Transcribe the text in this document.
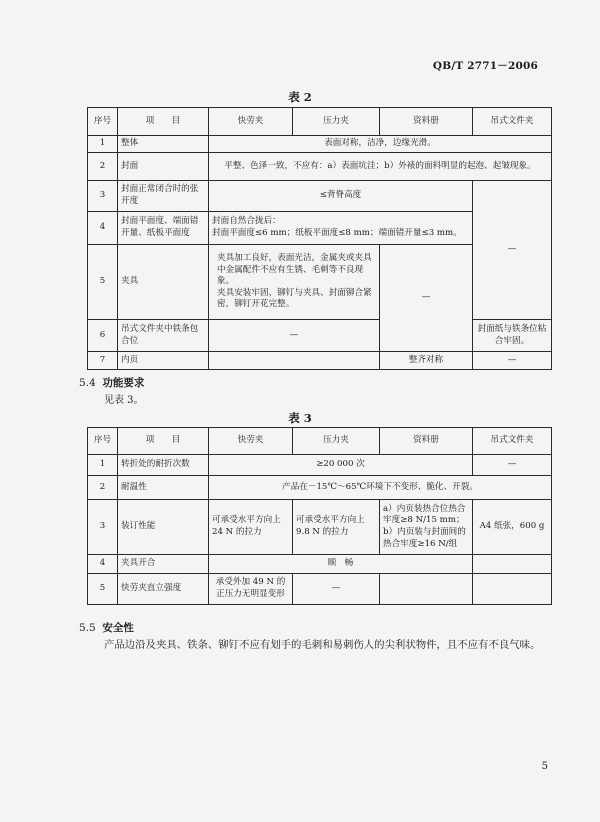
QB/T 2771－2006
表 2
序号	项　　目	快劳夹	压力夹	资料册	吊式文件夹
1	整体	表面对称，洁净，边缘光滑。			
2	封面	平整、色泽一致，不应有：a）表面坑洼；b）外裱的面料明显的起泡、起皱现象。			
3	封面正常闭合时的张开度	≤背脊高度			—
4	封面平面度、端面错开量、纸板平面度	封面自然合拢后：
封面平面度≤6 mm；纸板平面度≤8 mm；端面错开量≤3 mm。			

5	夹具	夹具加工良好，表面光洁，金属夹或夹具中金属配件不应有生锈、毛刺等不良现象。
夹具安装牢固，铆钉与夹具、封面铆合紧密，铆钉开花完整。		—	
6	吊式文件夹中铁条包合位	—			封面纸与铁条位粘合牢固。
7	内页			整齐对称	—
5.4 功能要求
见表 3。
表 3
序号	项　　目	快劳夹	压力夹	资料册	吊式文件夹
1	转折处的耐折次数	≥20 000 次			—
2	耐温性	产品在－15℃～65℃环境下不变形、脆化、开裂。			
3	装订性能	可承受水平方向上 24 N 的拉力	可承受水平方向上 9.8 N 的拉力	a）内页装热合位热合牢度≥8 N/15 mm；
b）内页装与封面间的热合牢度≥16 N/组	A4 纸张，600 g
4	夹具开合	顺　畅			
5	快劳夹直立强度	承受外加 49 N 的正压力无明显变形	—		
5.5 安全性
产品边沿及夹具、铁条、铆钉不应有划手的毛刺和易刺伤人的尖利状物件，且不应有不良气味。
5
